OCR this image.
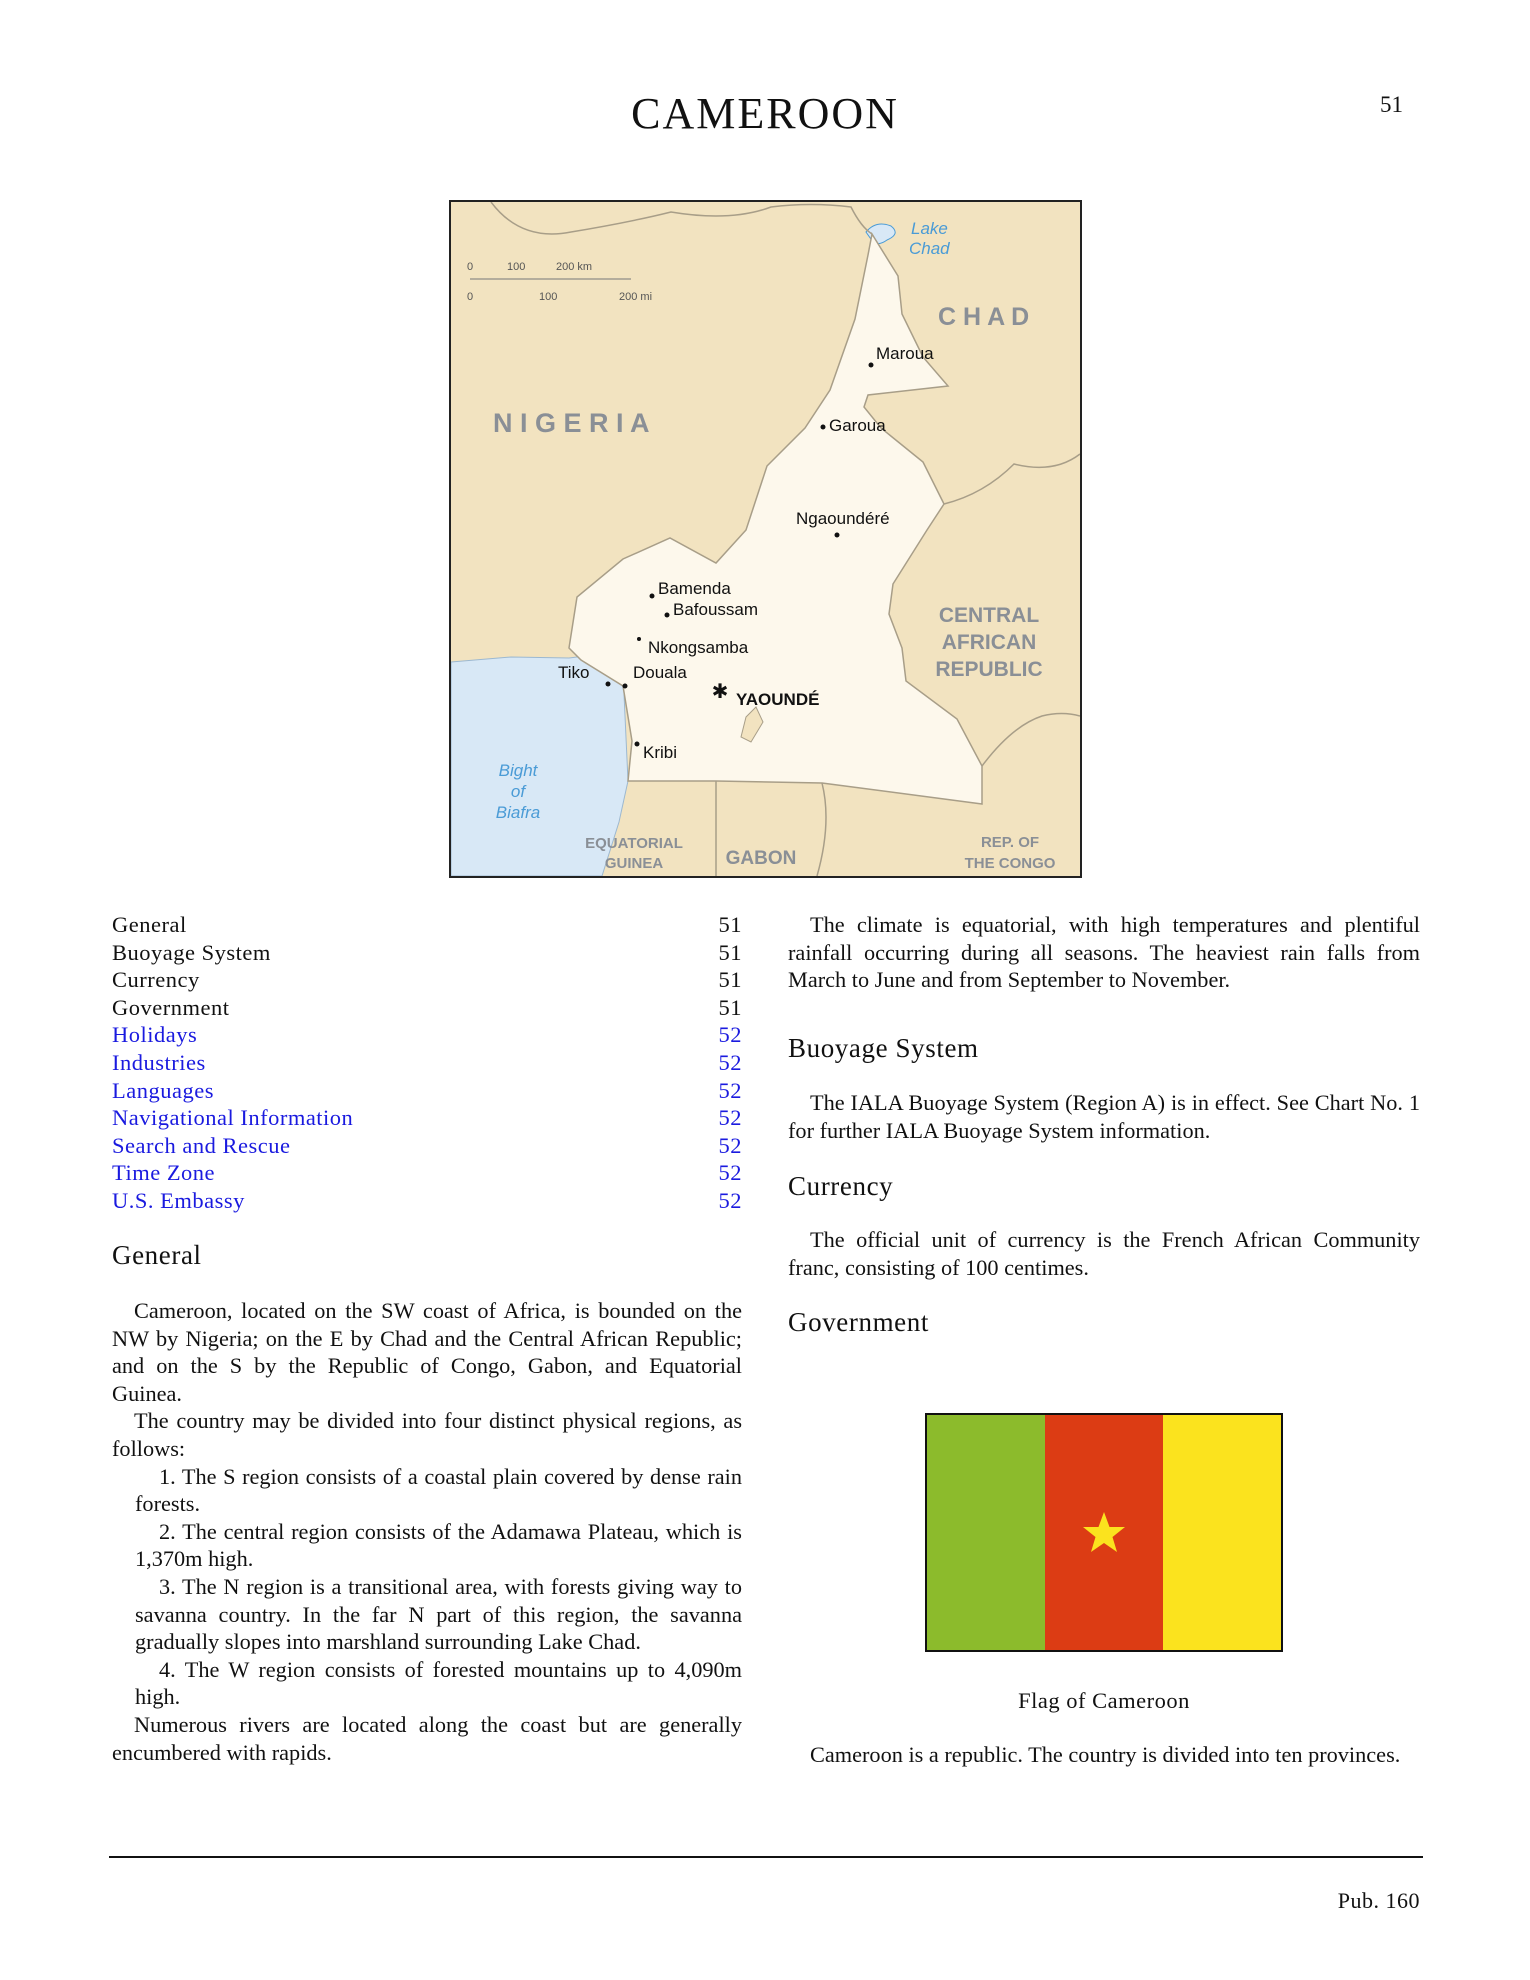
CAMEROON	51
0	100	200 km
0	100	200 mi
N I G E R I A
C H A D
CENTRAL
AFRICAN
REPUBLIC
EQUATORIAL
GUINEA	GABON
REP. OF
THE CONGO
Lake
Chad
Bight
of
Biafra
Maroua
Garoua
Ngaoundéré
Bamenda
Bafoussam
Nkongsamba
Tiko	Douala
✱ YAOUNDÉ
Kribi
General	51
Buoyage System	51
Currency	51
Government	51
Holidays	52
Industries	52
Languages	52
Navigational Information	52
Search and Rescue	52
Time Zone	52
U.S. Embassy	52
General

Cameroon, located on the SW coast of Africa, is bounded on the NW by Nigeria; on the E by Chad and the Central African Republic; and on the S by the Republic of Congo, Gabon, and Equatorial Guinea.

The country may be divided into four distinct physical regions, as follows:

1. The S region consists of a coastal plain covered by dense rain forests.

2. The central region consists of the Adamawa Plateau, which is 1,370m high.

3. The N region is a transitional area, with forests giving way to savanna country. In the far N part of this region, the savanna gradually slopes into marshland surrounding Lake Chad.

4. The W region consists of forested mountains up to 4,090m high.

Numerous rivers are located along the coast but are generally encumbered with rapids.

The climate is equatorial, with high temperatures and plentiful rainfall occurring during all seasons. The heaviest rain falls from March to June and from September to November.

Buoyage System

The IALA Buoyage System (Region A) is in effect. See Chart No. 1 for further IALA Buoyage System information.

Currency

The official unit of currency is the French African Community franc, consisting of 100 centimes.

Government
Flag of Cameroon

Cameroon is a republic. The country is divided into ten provinces.

Pub. 160
